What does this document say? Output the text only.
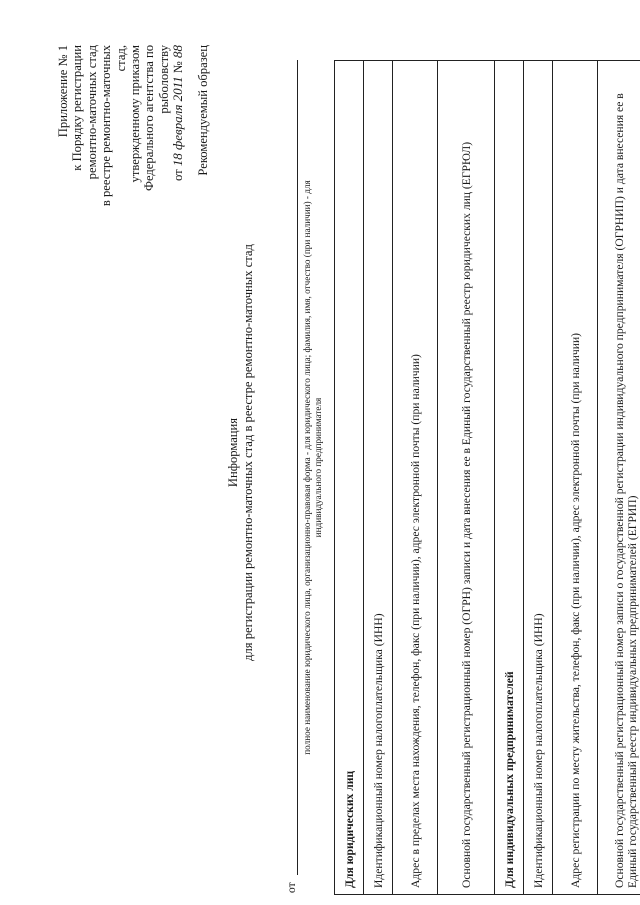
Приложение № 1 к Порядку регистрации ремонтно-маточных стад в реестре ремонтно-маточных стад, утвержденному приказом Федерального агентства по рыболовству
от 18 февраля 2011 № 88 Рекомендуемый образец
Информация для регистрации ремонтно-маточных стад в реестре ремонтно-маточных стад
от
полное наименование юридического лица, организационно-правовая форма - для юридического лица; фамилия, имя, отчество (при наличии) - для индивидуального предпринимателя
Для юридических лиц
Идентификационный номер налогоплательщика (ИНН)
Адрес в пределах места нахождения, телефон, факс (при наличии), адрес электронной почты (при наличии)
Основной государственный регистрационный номер (ОГРН) записи и дата внесения ее в Единый государственный реестр юридических лиц (ЕГРЮЛ)
Для индивидуальных предпринимателей
Идентификационный номер налогоплательщика (ИНН)
Адрес регистрации по месту жительства, телефон, факс (при наличии), адрес электронной почты (при наличии)
Основной государственный регистрационный номер записи о государственной регистрации индивидуального предпринимателя (ОГРНИП) и дата внесения ее в Единый государственный реестр индивидуальных предпринимателей (ЕГРИП)
